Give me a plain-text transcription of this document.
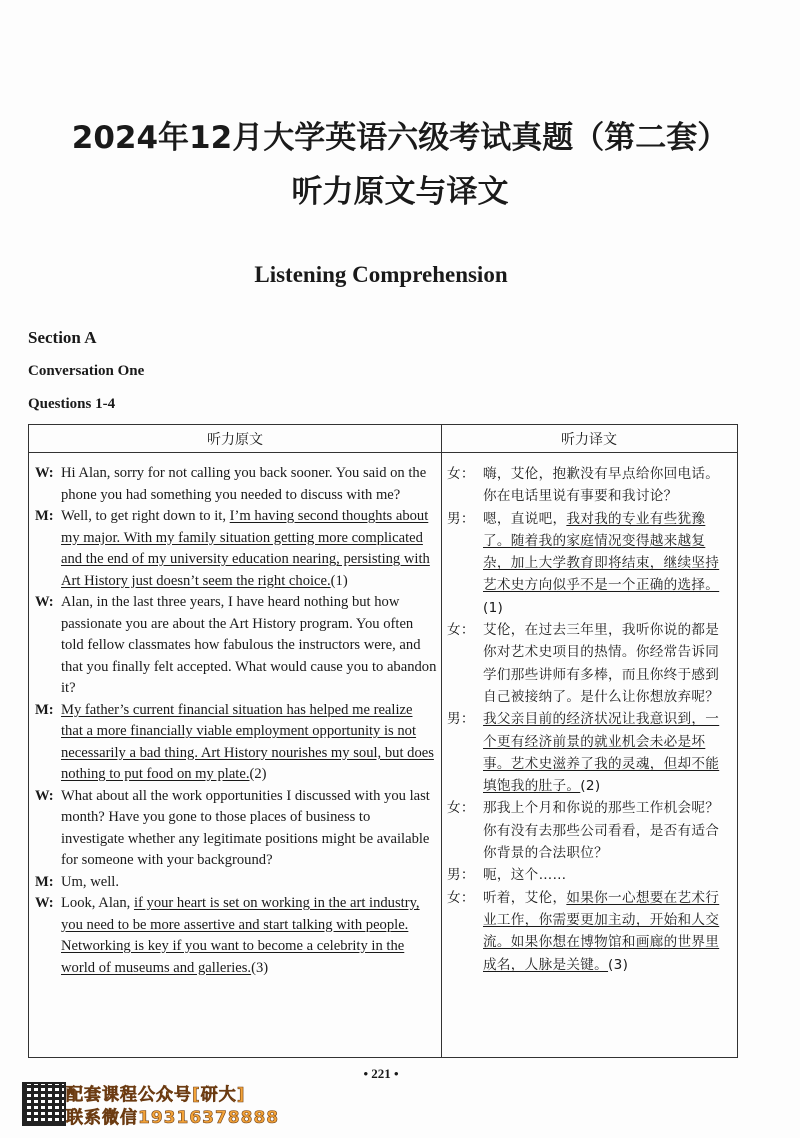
2024年12月大学英语六级考试真题（第二套）
听力原文与译文
Listening Comprehension
Section A
Conversation One
Questions 1-4
听力原文	听力译文
W: Hi Alan, sorry for not calling you back sooner. You said on the phone you had something you needed to discuss with me?
M: Well, to get right down to it, I’m having second thoughts about my major. With my family situation getting more complicated and the end of my university education nearing, persisting with Art History just doesn’t seem the right choice.(1)
W: Alan, in the last three years, I have heard nothing but how passionate you are about the Art History program. You often told fellow classmates how fabulous the instructors were, and that you finally felt accepted. What would cause you to abandon it?
M: My father’s current financial situation has helped me realize that a more financially viable employment opportunity is not necessarily a bad thing. Art History nourishes my soul, but does nothing to put food on my plate.(2)
W: What about all the work opportunities I discussed with you last month? Have you gone to those places of business to investigate whether any legitimate positions might be available for someone with your background?
M: Um, well.
W: Look, Alan, if your heart is set on working in the art industry, you need to be more assertive and start talking with people. Networking is key if you want to become a celebrity in the world of museums and galleries.(3)
女： 嗨，艾伦，抱歉没有早点给你回电话。你在电话里说有事要和我讨论？
男： 嗯，直说吧，我对我的专业有些犹豫了。随着我的家庭情况变得越来越复杂，加上大学教育即将结束，继续坚持艺术史方向似乎不是一个正确的选择。(1)
女： 艾伦，在过去三年里，我听你说的都是你对艺术史项目的热情。你经常告诉同学们那些讲师有多棒，而且你终于感到自己被接纳了。是什么让你想放弃呢？
男： 我父亲目前的经济状况让我意识到，一个更有经济前景的就业机会未必是坏事。艺术史滋养了我的灵魂，但却不能填饱我的肚子。(2)
女： 那我上个月和你说的那些工作机会呢？你有没有去那些公司看看，是否有适合你背景的合法职位？
男： 呃，这个……
女： 听着，艾伦，如果你一心想要在艺术行业工作，你需要更加主动，开始和人交流。如果你想在博物馆和画廊的世界里成名，人脉是关键。(3)
• 221 •
配套课程公众号[研大]
联系微信19316378888
